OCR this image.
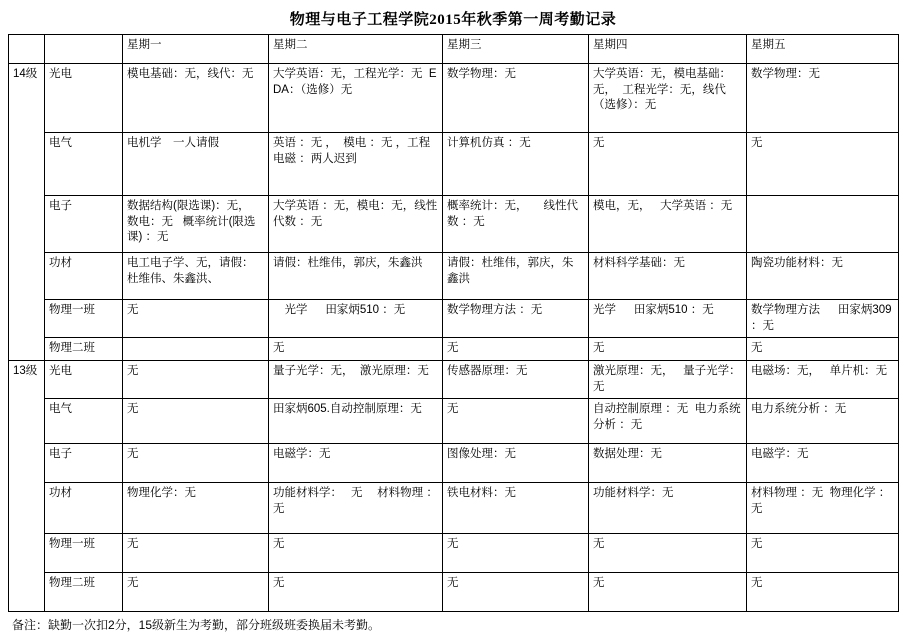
物理与电子工程学院2015年秋季第一周考勤记录
		星期一	星期二	星期三	星期四	星期五
14级	光电	模电基础：无，线代：无	大学英语：无，工程光学：无  EDA：（选修）无	数学物理：无	大学英语：无，模电基础：无，  工程光学：无，线代（选修）：无	数学物理：无
	电气	电机学　一人请假	英语 ：无 ，  模电 ：无 ，工程电磁 ：两人迟到	计算机仿真 ：无	无	无
	电子	数据结构(限选课)：无，  数电：无   概率统计(限选课) ：无	大学英语 ：无，模电：无，线性代数 ：无	概率统计：无，     线性代数 ：无	模电，无，   大学英语 ：无	
	功材	电工电子学、无，请假：杜维伟、朱鑫洪、	请假：杜维伟，郭庆，朱鑫洪	请假：杜维伟，郭庆，朱鑫洪	材料科学基础：无	陶瓷功能材料：无
	物理一班	无	　光学　  田家炳510 ：无	数学物理方法 ：无	光学　  田家炳510 ：无	数学物理方法　  田家炳309  ：无
	物理二班		无	无	无	无
13级	光电	无	量子光学：无，  激光原理：无	传感器原理：无	激光原理：无，   量子光学：无	电磁场：无，   单片机：无
	电气	无	田家炳605.自动控制原理：无	无	自动控制原理 ：无  电力系统分析 ：无	电力系统分析 ：无
	电子	无	电磁学：无	图像处理：无	数据处理：无	电磁学：无
	功材	物理化学：无	功能材料学：　 无　 材料物理 ：无	铁电材料：无	功能材料学：无	材料物理 ：无  物理化学 ：无
	物理一班	无	无	无	无	无
	物理二班	无	无	无	无	无
备注：缺勤一次扣2分，15级新生为考勤，部分班级班委换届未考勤。
